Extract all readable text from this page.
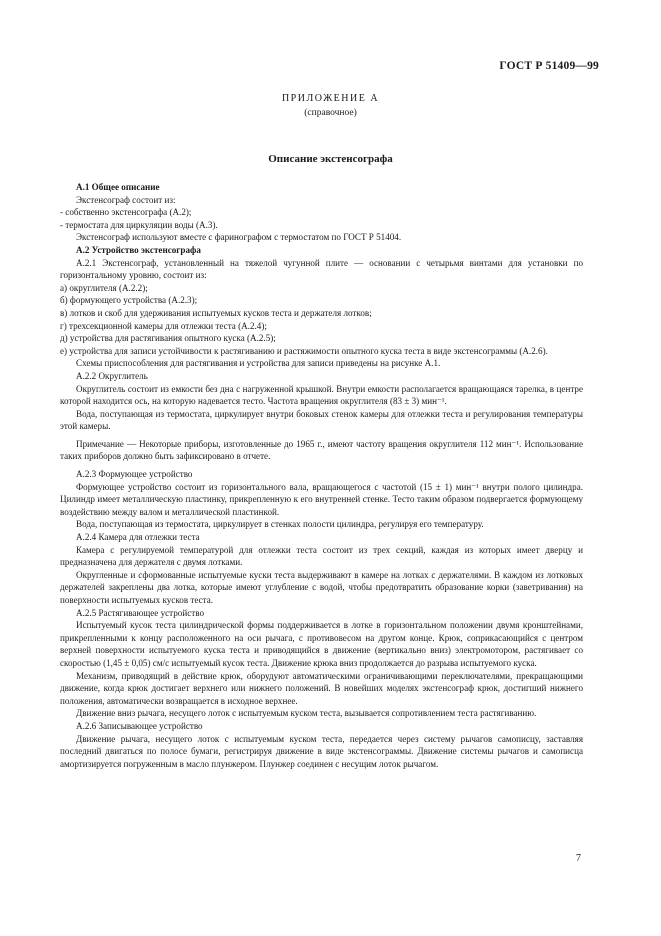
ГОСТ Р 51409—99
ПРИЛОЖЕНИЕ А
(справочное)
Описание экстенсографа

А.1 Общее описание

Экстенсограф состоит из:

- собственно экстенсографа (А.2);

- термостата для циркуляции воды (А.3).

Экстенсограф используют вместе с фаринографом с термостатом по ГОСТ Р 51404.

А.2 Устройство экстенсографа

А.2.1 Экстенсограф, установленный на тяжелой чугунной плите — основании с четырьмя винтами для установки по горизонтальному уровню, состоит из:

а) округлителя (А.2.2);

б) формующего устройства (А.2.3);

в) лотков и скоб для удерживания испытуемых кусков теста и держателя лотков;

г) трехсекционной камеры для отлежки теста (А.2.4);

д) устройства для растягивания опытного куска (А.2.5);

е) устройства для записи устойчивости к растягиванию и растяжимости опытного куска теста в виде экстенсограммы (А.2.6).

Схемы приспособления для растягивания и устройства для записи приведены на рисунке А.1.

А.2.2 Округлитель

Округлитель состоит из емкости без дна с нагруженной крышкой. Внутри емкости располагается вращающаяся тарелка, в центре которой находится ось, на которую надевается тесто. Частота вращения округлителя (83 ± 3) мин⁻¹.

Вода, поступающая из термостата, циркулирует внутри боковых стенок камеры для отлежки теста и регулирования температуры этой камеры.

Примечание — Некоторые приборы, изготовленные до 1965 г., имеют частоту вращения округлителя 112 мин⁻¹. Использование таких приборов должно быть зафиксировано в отчете.

А.2.3 Формующее устройство

Формующее устройство состоит из горизонтального вала, вращающегося с частотой (15 ± 1) мин⁻¹ внутри полого цилиндра. Цилиндр имеет металлическую пластинку, прикрепленную к его внутренней стенке. Тесто таким образом подвергается формующему воздействию между валом и металлической пластинкой.

Вода, поступающая из термостата, циркулирует в стенках полости цилиндра, регулируя его температуру.

А.2.4 Камера для отлежки теста

Камера с регулируемой температурой для отлежки теста состоит из трех секций, каждая из которых имеет дверцу и предназначена для держателя с двумя лотками.

Округленные и сформованные испытуемые куски теста выдерживают в камере на лотках с держателями. В каждом из лотковых держателей закреплены два лотка, которые имеют углубление с водой, чтобы предотвратить образование корки (заветривания) на поверхности испытуемых кусков теста.

А.2.5 Растягивающее устройство

Испытуемый кусок теста цилиндрической формы поддерживается в лотке в горизонтальном положении двумя кронштейнами, прикрепленными к концу расположенного на оси рычага, с противовесом на другом конце. Крюк, соприкасающийся с центром верхней поверхности испытуемого куска теста и приводящийся в движение (вертикально вниз) электромотором, растягивает со скоростью (1,45 ± 0,05) см/с испытуемый кусок теста. Движение крюка вниз продолжается до разрыва испытуемого куска.

Механизм, приводящий в действие крюк, оборудуют автоматическими ограничивающими переключателями, прекращающими движение, когда крюк достигает верхнего или нижнего положений. В новейших моделях экстенсограф крюк, достигший нижнего положения, автоматически возвращается в исходное верхнее.

Движение вниз рычага, несущего лоток с испытуемым куском теста, вызывается сопротивлением теста растягиванию.

А.2.6 Записывающее устройство

Движение рычага, несущего лоток с испытуемым куском теста, передается через систему рычагов самописцу, заставляя последний двигаться по полосе бумаги, регистрируя движение в виде экстенсограммы. Движение системы рычагов и самописца амортизируется погруженным в масло плунжером. Плунжер соединен с несущим лоток рычагом.

7
